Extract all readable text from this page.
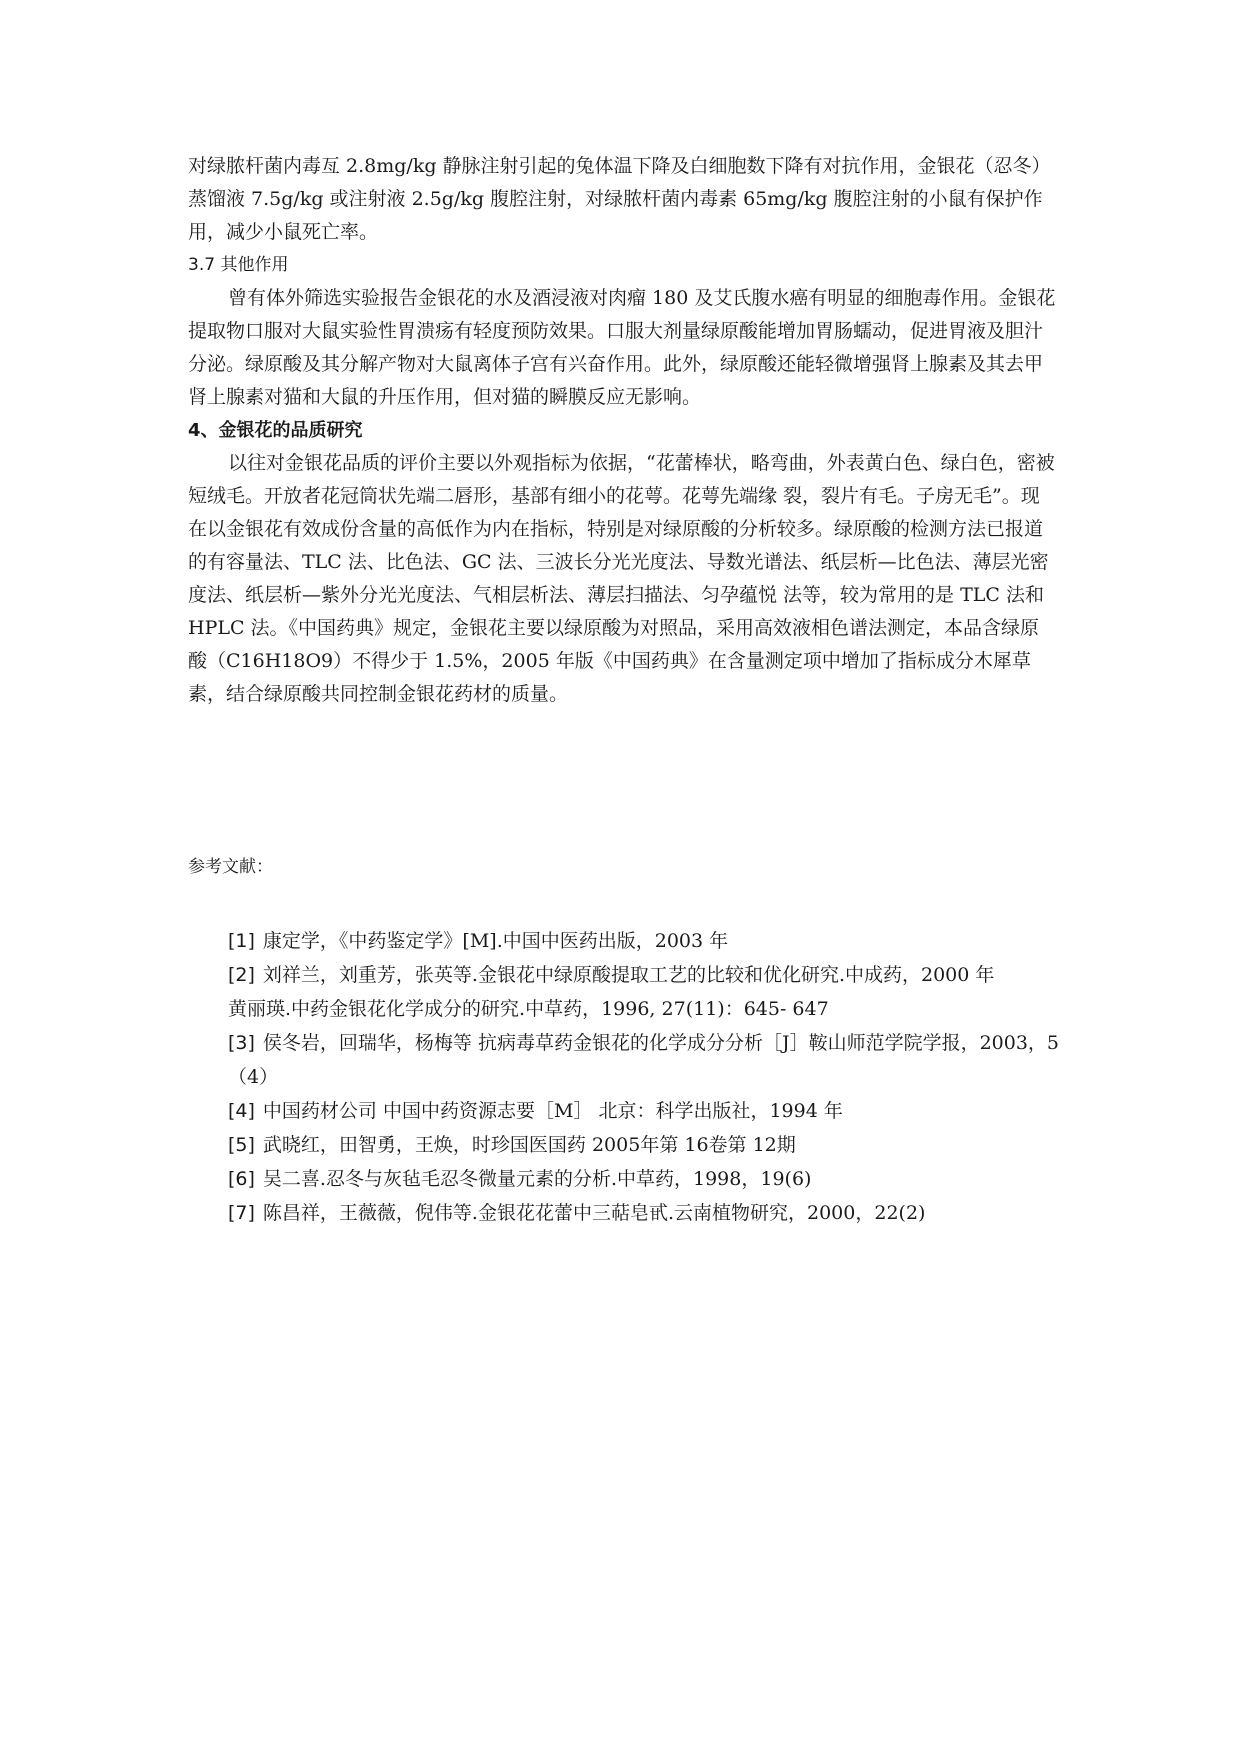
对绿脓杆菌内毒亙 2.8mg/kg 静脉注射引起的兔体温下降及白细胞数下降有对抗作用，金银花（忍冬）蒸馏液 7.5g/kg 或注射液 2.5g/kg 腹腔注射，对绿脓杆菌内毒素 65mg/kg 腹腔注射的小鼠有保护作用，减少小鼠死亡率。

3.7 其他作用

曾有体外筛选实验报告金银花的水及酒浸液对肉瘤 180 及艾氏腹水癌有明显的细胞毒作用。金银花提取物口服对大鼠实验性胃溃疡有轻度预防效果。口服大剂量绿原酸能增加胃肠蠕动，促进胃液及胆汁分泌。绿原酸及其分解产物对大鼠离体子宫有兴奋作用。此外，绿原酸还能轻微增强肾上腺素及其去甲肾上腺素对猫和大鼠的升压作用，但对猫的瞬膜反应无影响。

4、金银花的品质研究

以往对金银花品质的评价主要以外观指标为依据，“花蕾棒状，略弯曲，外表黄白色、绿白色，密被短绒毛。开放者花冠筒状先端二唇形，基部有细小的花萼。花萼先端缘 裂，裂片有毛。子房无毛”。现在以金银花有效成份含量的高低作为内在指标，特别是对绿原酸的分析较多。绿原酸的检测方法已报道的有容量法、TLC 法、比色法、GC 法、三波长分光光度法、导数光谱法、纸层析—比色法、薄层光密度法、纸层析—紫外分光光度法、气相层析法、薄层扫描法、匀孕蕴悦 法等，较为常用的是 TLC 法和 HPLC 法。《中国药典》规定，金银花主要以绿原酸为对照品，采用高效液相色谱法测定，本品含绿原酸（C16H18O9）不得少于 1.5%，2005 年版《中国药典》在含量测定项中增加了指标成分木犀草素，结合绿原酸共同控制金银花药材的质量。

参考文献：

[1] 康定学，《中药鉴定学》[M].中国中医药出版，2003 年
[2] 刘祥兰，刘重芳，张英等.金银花中绿原酸提取工艺的比较和优化研究.中成药，2000 年
黄丽瑛.中药金银花化学成分的研究.中草药，1996, 27(11)：645- 647
[3] 侯冬岩，回瑞华，杨梅等 抗病毒草药金银花的化学成分分析［J］鞍山师范学院学报，2003，5（4）
[4] 中国药材公司 中国中药资源志要［M］ 北京：科学出版社，1994 年
[5] 武晓红，田智勇，王焕，时珍国医国药 2005年第 16卷第 12期
[6] 吴二喜.忍冬与灰毡毛忍冬微量元素的分析.中草药，1998，19(6)
[7] 陈昌祥，王薇薇，倪伟等.金银花花蕾中三萜皂甙.云南植物研究，2000，22(2)
